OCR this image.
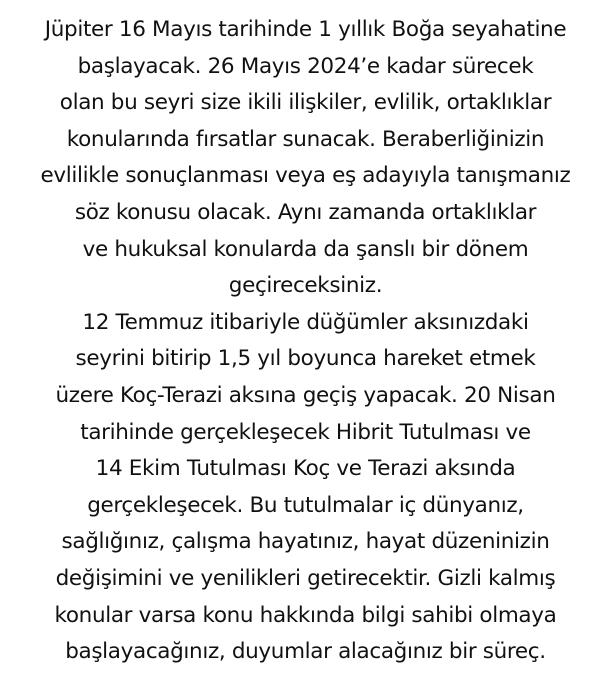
Jüpiter 16 Mayıs tarihinde 1 yıllık Boğa seyahatine
başlayacak. 26 Mayıs 2024’e kadar sürecek
olan bu seyri size ikili ilişkiler, evlilik, ortaklıklar
konularında fırsatlar sunacak. Beraberliğinizin
evlilikle sonuçlanması veya eş adayıyla tanışmanız
söz konusu olacak. Aynı zamanda ortaklıklar
ve hukuksal konularda da şanslı bir dönem
geçireceksiniz.
12 Temmuz itibariyle düğümler aksınızdaki
seyrini bitirip 1,5 yıl boyunca hareket etmek
üzere Koç-Terazi aksına geçiş yapacak. 20 Nisan
tarihinde gerçekleşecek Hibrit Tutulması ve
14 Ekim Tutulması Koç ve Terazi aksında
gerçekleşecek. Bu tutulmalar iç dünyanız,
sağlığınız, çalışma hayatınız, hayat düzeninizin
değişimini ve yenilikleri getirecektir. Gizli kalmış
konular varsa konu hakkında bilgi sahibi olmaya
başlayacağınız, duyumlar alacağınız bir süreç.
